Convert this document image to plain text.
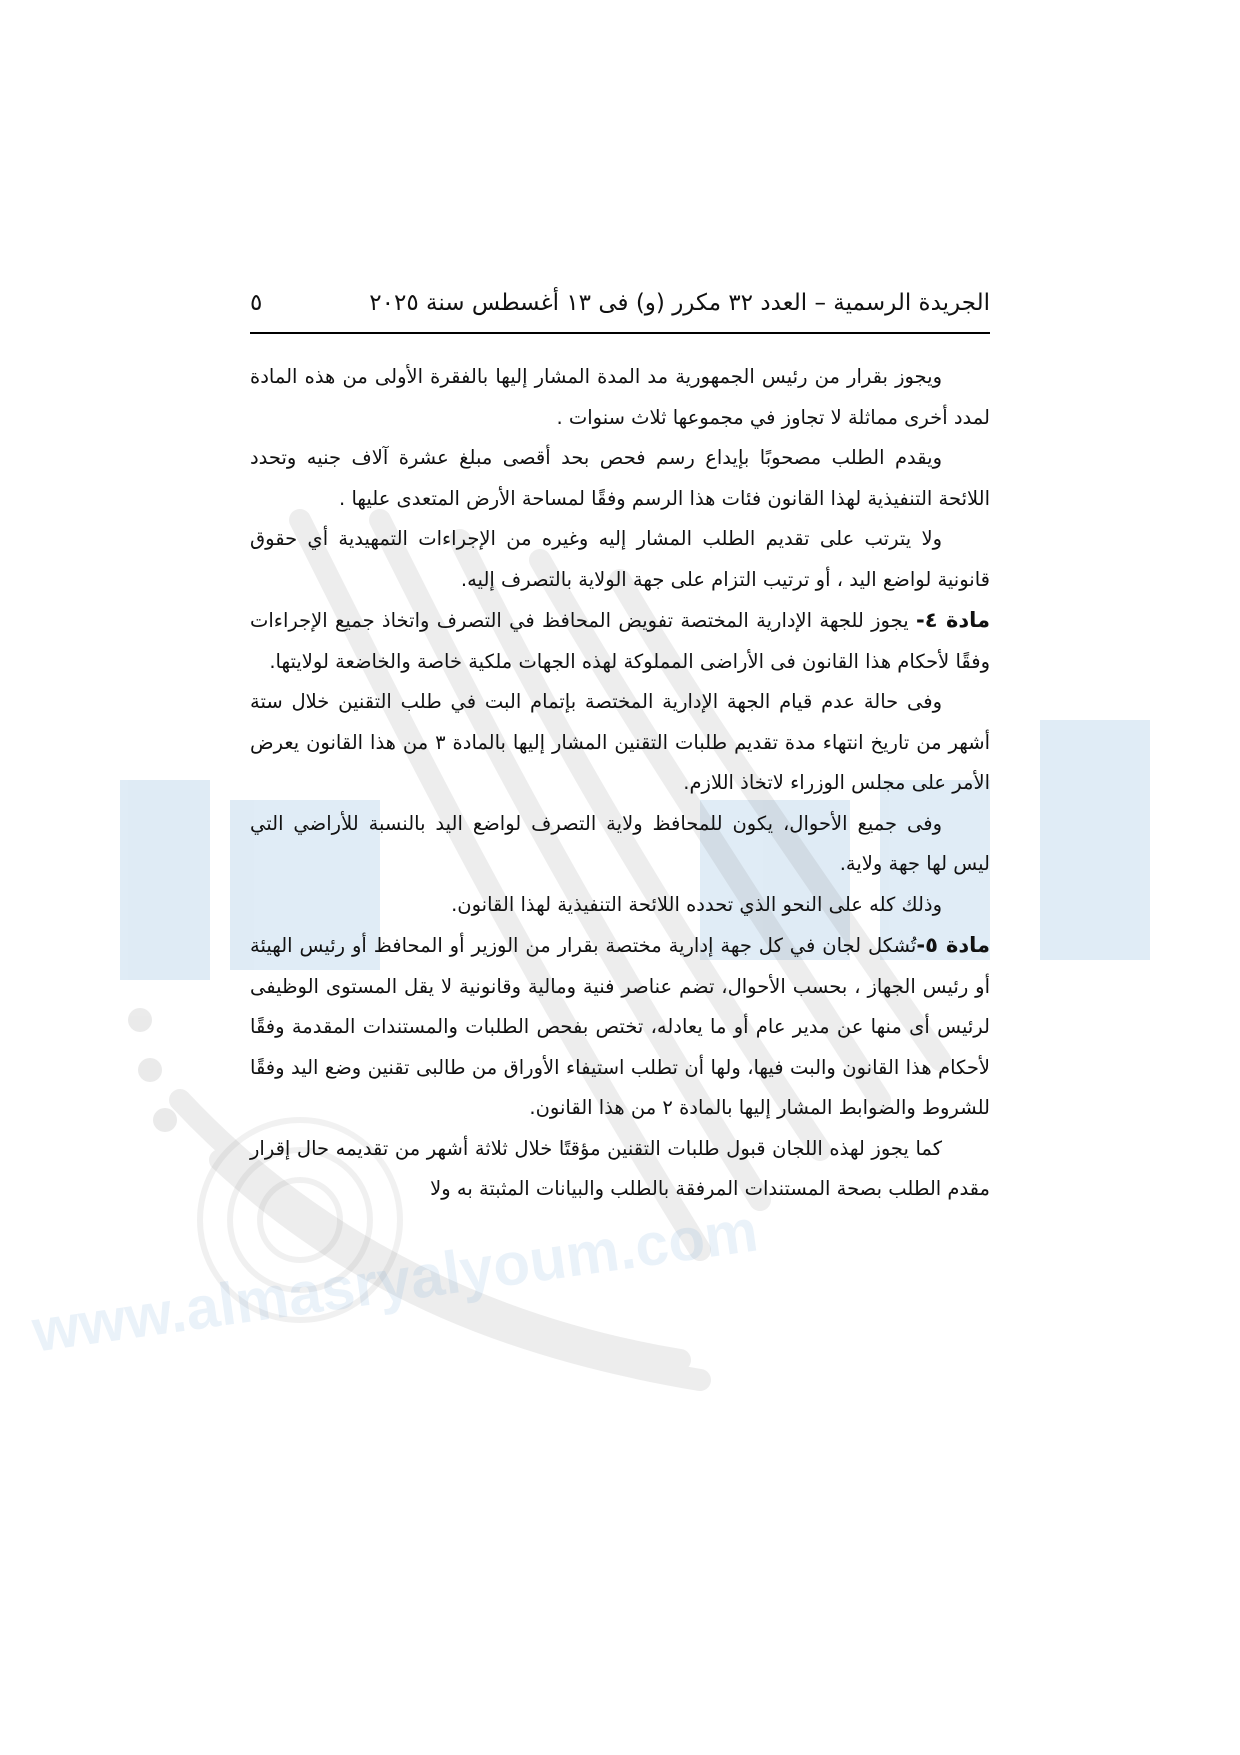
www.almasryalyoum.com
الجريدة الرسمية – العدد ٣٢ مكرر (و) فى ١٣ أغسطس سنة ٢٠٢٥
٥

ويجوز بقرار من رئيس الجمهورية مد المدة المشار إليها بالفقرة الأولى من هذه المادة لمدد أخرى مماثلة لا تجاوز في مجموعها ثلاث سنوات .

ويقدم الطلب مصحوبًا بإيداع رسم فحص بحد أقصى مبلغ عشرة آلاف جنيه وتحدد اللائحة التنفيذية لهذا القانون فئات هذا الرسم وفقًا لمساحة الأرض المتعدى عليها .

ولا يترتب على تقديم الطلب المشار إليه وغيره من الإجراءات التمهيدية أي حقوق قانونية لواضع اليد ، أو ترتيب التزام على جهة الولاية بالتصرف إليه.

مادة ٤- يجوز للجهة الإدارية المختصة تفويض المحافظ في التصرف واتخاذ جميع الإجراءات وفقًا لأحكام هذا القانون فى الأراضى المملوكة لهذه الجهات ملكية خاصة والخاضعة لولايتها.

وفى حالة عدم قيام الجهة الإدارية المختصة بإتمام البت في طلب التقنين خلال ستة أشهر من تاريخ انتهاء مدة تقديم طلبات التقنين المشار إليها بالمادة ٣ من هذا القانون يعرض الأمر على مجلس الوزراء لاتخاذ اللازم.

وفى جميع الأحوال، يكون للمحافظ ولاية التصرف لواضع اليد بالنسبة للأراضي التي ليس لها جهة ولاية.

وذلك كله على النحو الذي تحدده اللائحة التنفيذية لهذا القانون.

مادة ٥-تُشكل لجان في كل جهة إدارية مختصة بقرار من الوزير أو المحافظ أو رئيس الهيئة أو رئيس الجهاز ، بحسب الأحوال، تضم عناصر فنية ومالية وقانونية لا يقل المستوى الوظيفى لرئيس أى منها عن مدير عام أو ما يعادله، تختص بفحص الطلبات والمستندات المقدمة وفقًا لأحكام هذا القانون والبت فيها، ولها أن تطلب استيفاء الأوراق من طالبى تقنين وضع اليد وفقًا للشروط والضوابط المشار إليها بالمادة ٢ من هذا القانون.

كما يجوز لهذه اللجان قبول طلبات التقنين مؤقتًا خلال ثلاثة أشهر من تقديمه حال إقرار مقدم الطلب بصحة المستندات المرفقة بالطلب والبيانات المثبتة به ولا
